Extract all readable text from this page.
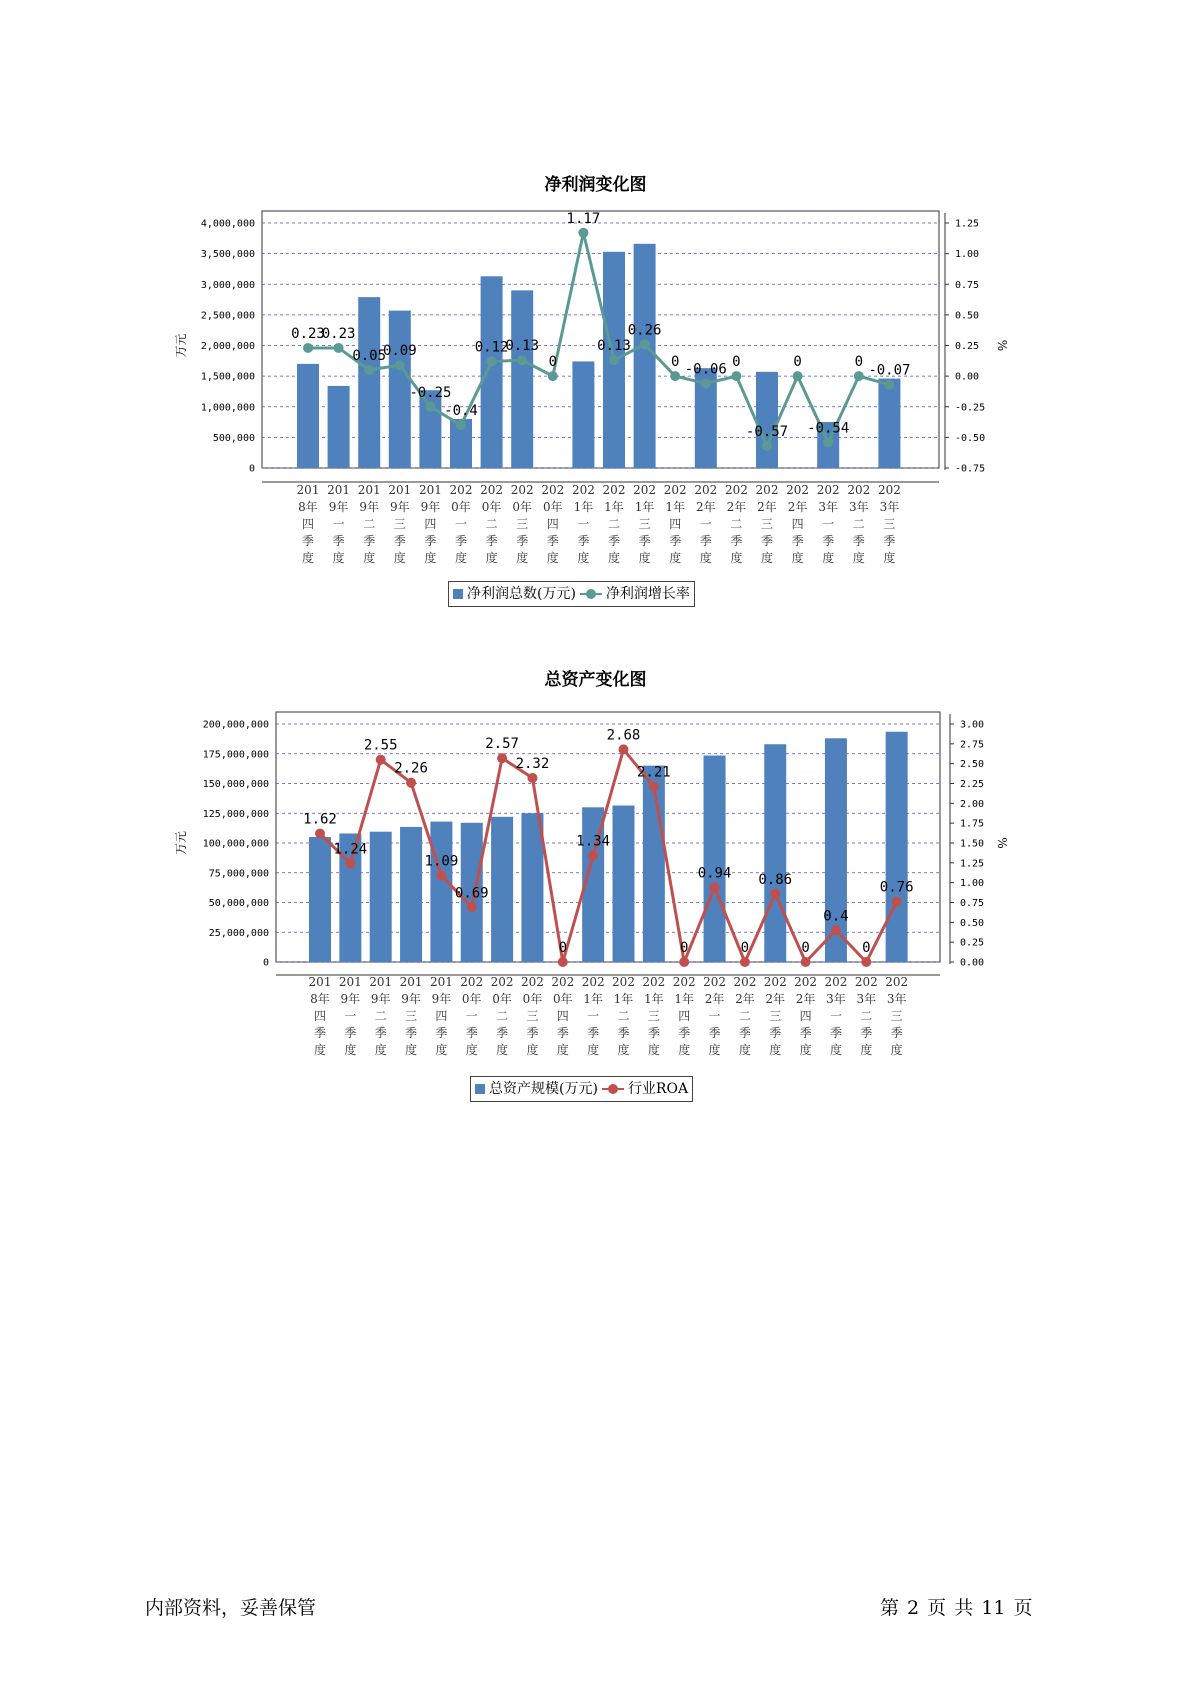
净利润变化图
0
500,000
1,000,000
1,500,000
2,000,000
2,500,000
3,000,000
3,500,000
4,000,000
-0.75
-0.50
-0.25
0.00
0.25
0.50
0.75
1.00
1.25
万元	%
0.23
0.23
0.05
0.09
-0.25
-0.4
0.12
0.13
0
1.17
0.13
0.26
0 -0.06 0
-0.57
0
-0.54
0
-0.07
201
8年
四
季
度
201
9年
一
季
度
201
9年
二
季
度
201
9年
三
季
度
201
9年
四
季
度
202
0年
一
季
度
202
0年
二
季
度
202
0年
三
季
度
202
0年
四
季
度
202
1年
一
季
度
202
1年
二
季
度
202
1年
三
季
度
202
1年
四
季
度
202
2年
一
季
度
202
2年
二
季
度
202
2年
三
季
度
202
2年
四
季
度
202
3年
一
季
度
202
3年
二
季
度
202
3年
三
季
度
净利润总数(万元) 净利润增长率
总资产变化图
0
25,000,000
50,000,000
75,000,000
100,000,000
125,000,000
150,000,000
175,000,000
200,000,000
0.00
0.25
0.50
0.75
1.00
1.25
1.50
1.75
2.00
2.25
2.50
2.75
3.00
万元	%
1.62
1.24
2.55
2.26
1.09
0.69
2.57
2.32
0
1.34
2.68
2.21
0
0.94
0
0.86
0
0.4
0
0.76
201
8年
四
季
度
201
9年
一
季
度
201
9年
二
季
度
201
9年
三
季
度
201
9年
四
季
度
202
0年
一
季
度
202
0年
二
季
度
202
0年
三
季
度
202
0年
四
季
度
202
1年
一
季
度
202
1年
二
季
度
202
1年
三
季
度
202
1年
四
季
度
202
2年
一
季
度
202
2年
二
季
度
202
2年
三
季
度
202
2年
四
季
度
202
3年
一
季
度
202
3年
二
季
度
202
3年
三
季
度
总资产规模(万元) 行业ROA
内部资料，妥善保管	第 2 页 共 11 页
